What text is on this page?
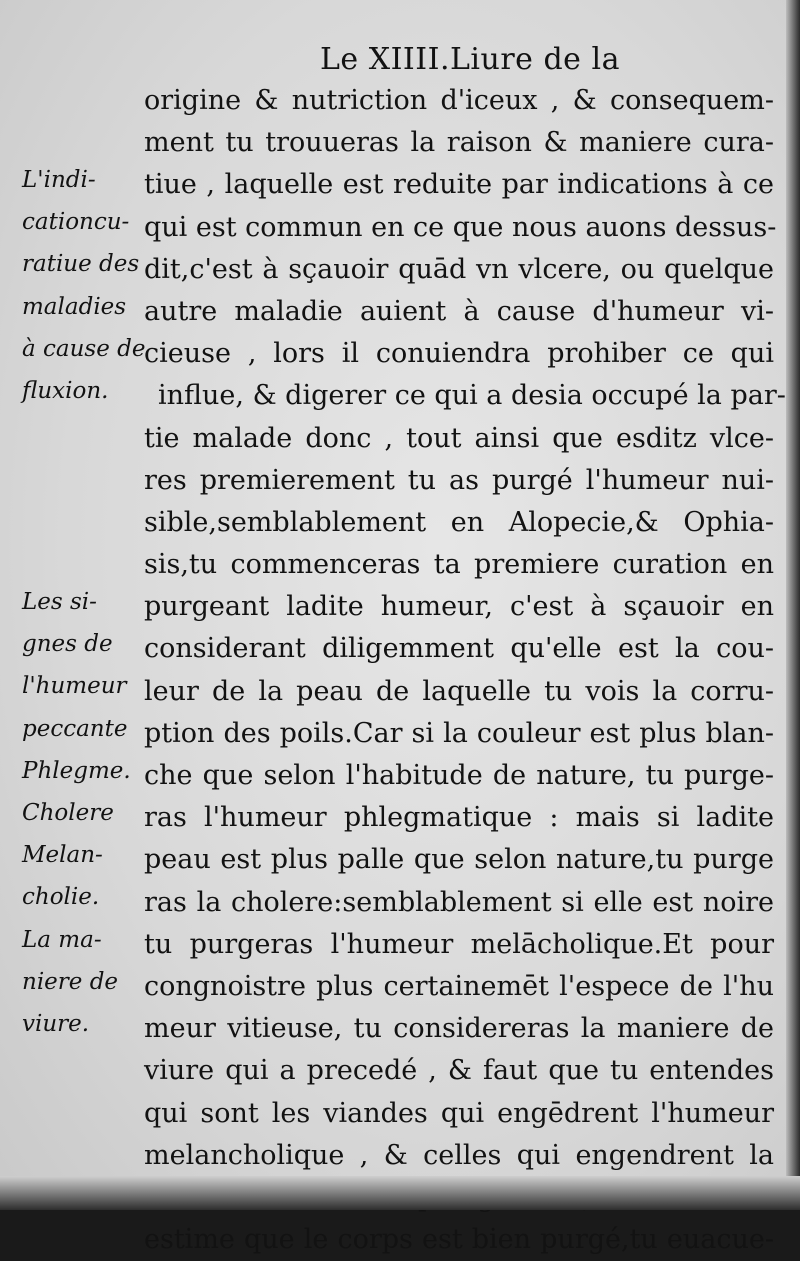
Le XIIII.Liure de la
L'indi-
cationcu-
ratiue des
maladies
à cause de
fluxion.
Les si-
gnes de
l'humeur
peccante
Phlegme.
Cholere
Melan-
cholie.
La ma-
niere de
viure.
origine & nutriction d'iceux , & consequem-
ment tu trouueras la raison & maniere cura-
tiue , laquelle est reduite par indications à ce
qui est commun en ce que nous auons dessus-
dit,c'est à sçauoir quād vn vlcere, ou quelque
autre maladie auient à cause d'humeur vi-
cieuse , lors il conuiendra prohiber ce qui
influe, & digerer ce qui a desia occupé la par-
tie malade donc , tout ainsi que esditz vlce-
res premierement tu as purgé l'humeur nui-
sible,semblablement en Alopecie,& Ophia-
sis,tu commenceras ta premiere curation en
purgeant ladite humeur, c'est à sçauoir en
considerant diligemment qu'elle est la cou-
leur de la peau de laquelle tu vois la corru-
ption des poils.Car si la couleur est plus blan-
che que selon l'habitude de nature, tu purge-
ras l'humeur phlegmatique : mais si ladite
peau est plus palle que selon nature,tu purge
ras la cholere:semblablement si elle est noire
tu purgeras l'humeur melācholique.Et pour
congnoistre plus certainemēt l'espece de l'hu
meur vitieuse, tu considereras la maniere de
viure qui a precedé , & faut que tu entendes
qui sont les viandes qui engēdrent l'humeur
melancholique , & celles qui engendrent la
estime que le corps est bien purgé,tu euacue-
